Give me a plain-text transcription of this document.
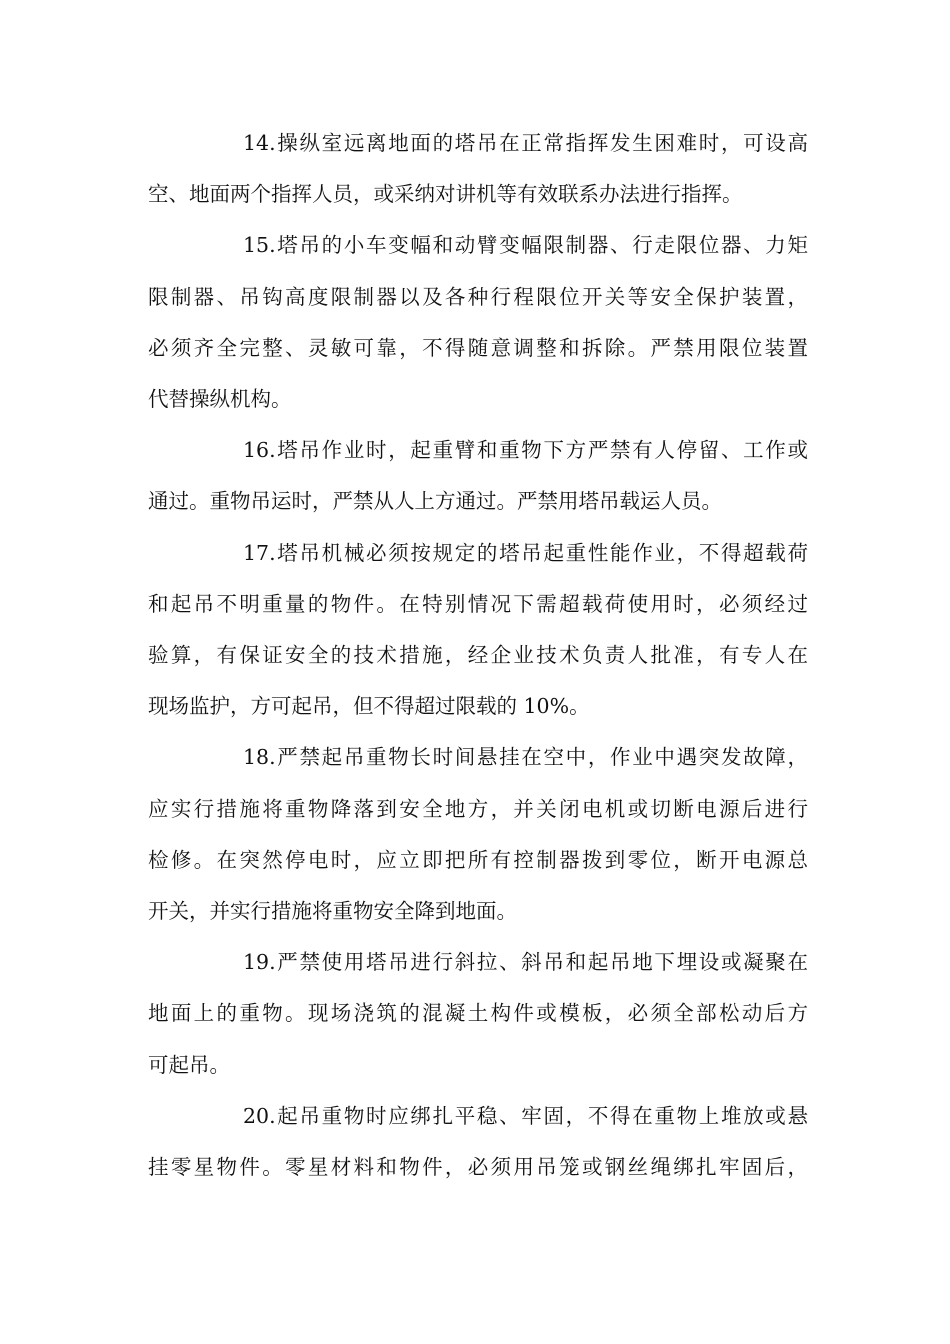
14.操纵室远离地面的塔吊在正常指挥发生困难时，可设高
空、地面两个指挥人员，或采纳对讲机等有效联系办法进行指挥。
15.塔吊的小车变幅和动臂变幅限制器、行走限位器、力矩
限制器、吊钩高度限制器以及各种行程限位开关等安全保护装置，
必须齐全完整、灵敏可靠，不得随意调整和拆除。严禁用限位装置
代替操纵机构。
16.塔吊作业时，起重臂和重物下方严禁有人停留、工作或
通过。重物吊运时，严禁从人上方通过。严禁用塔吊载运人员。
17.塔吊机械必须按规定的塔吊起重性能作业，不得超载荷
和起吊不明重量的物件。在特别情况下需超载荷使用时，必须经过
验算，有保证安全的技术措施，经企业技术负责人批准，有专人在
现场监护，方可起吊，但不得超过限载的 10%。
18.严禁起吊重物长时间悬挂在空中，作业中遇突发故障，
应实行措施将重物降落到安全地方，并关闭电机或切断电源后进行
检修。在突然停电时，应立即把所有控制器拨到零位，断开电源总
开关，并实行措施将重物安全降到地面。
19.严禁使用塔吊进行斜拉、斜吊和起吊地下埋设或凝聚在
地面上的重物。现场浇筑的混凝土构件或模板，必须全部松动后方
可起吊。
20.起吊重物时应绑扎平稳、牢固，不得在重物上堆放或悬
挂零星物件。零星材料和物件，必须用吊笼或钢丝绳绑扎牢固后，
